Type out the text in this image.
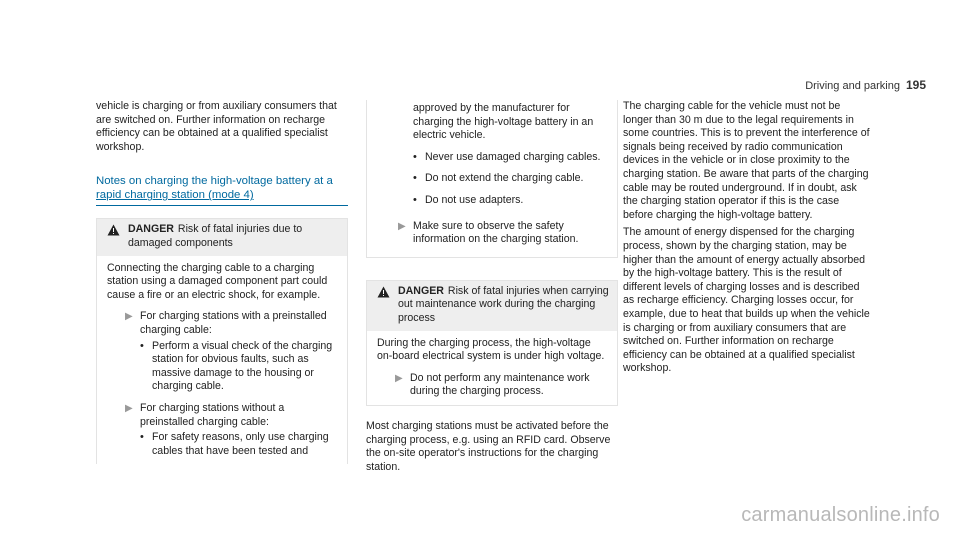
Driving and parking 195

vehicle is charging or from auxiliary consumers that are switched on. Further information on recharge efficiency can be obtained at a qualified specialist workshop.

Notes on charging the high-voltage battery at a
rapid charging station (mode 4)
DANGER Risk of fatal injuries due to damaged components

Connecting the charging cable to a charging station using a damaged component part could cause a fire or an electric shock, for example.

▶ For charging stations with a preinstalled charging cable:
• Perform a visual check of the charging station for obvious faults, such as massive damage to the housing or charging cable.
▶ For charging stations without a preinstalled charging cable:
• For safety reasons, only use charging cables that have been tested and
approved by the manufacturer for charging the high-voltage battery in an electric vehicle.
• Never use damaged charging cables.
• Do not extend the charging cable.
• Do not use adapters.
▶ Make sure to observe the safety information on the charging station.
DANGER Risk of fatal injuries when carrying out maintenance work during the charging process

During the charging process, the high-voltage on-board electrical system is under high voltage.

▶ Do not perform any maintenance work during the charging process.

Most charging stations must be activated before the charging process, e.g. using an RFID card. Observe the on-site operator's instructions for the charging station.

The charging cable for the vehicle must not be longer than 30 m due to the legal requirements in some countries. This is to prevent the interference of signals being received by radio communication devices in the vehicle or in close proximity to the charging station. Be aware that parts of the charging cable may be routed underground. If in doubt, ask the charging station operator if this is the case before charging the high-voltage battery.

The amount of energy dispensed for the charging process, shown by the charging station, may be higher than the amount of energy actually absorbed by the high-voltage battery. This is the result of different levels of charging losses and is described as recharge efficiency. Charging losses occur, for example, due to heat that builds up when the vehicle is charging or from auxiliary consumers that are switched on. Further information on recharge efficiency can be obtained at a qualified specialist workshop.

carmanualsonline.info
